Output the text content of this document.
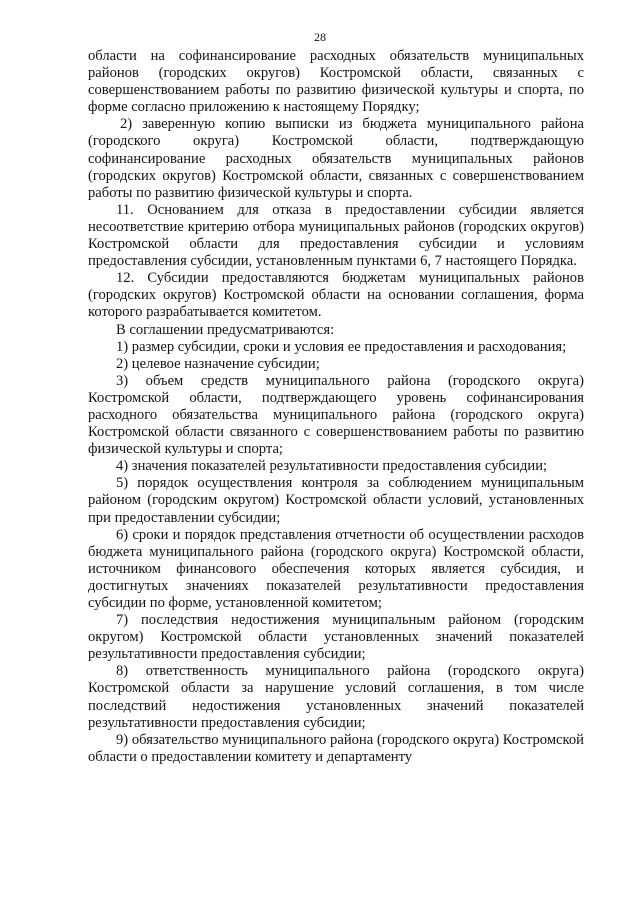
28

области на софинансирование расходных обязательств муниципальных районов (городских округов) Костромской области, связанных с совершенствованием работы по развитию физической культуры и спорта, по форме согласно приложению к настоящему Порядку;

2) заверенную копию выписки из бюджета муниципального района (городского округа) Костромской области, подтверждающую софинансирование расходных обязательств муниципальных районов (городских округов) Костромской области, связанных с совершенствованием работы по развитию физической культуры и спорта.

11. Основанием для отказа в предоставлении субсидии является несоответствие критерию отбора муниципальных районов (городских округов) Костромской области для предоставления субсидии и условиям предоставления субсидии, установленным пунктами 6, 7 настоящего Порядка.

12. Субсидии предоставляются бюджетам муниципальных районов (городских округов) Костромской области на основании соглашения, форма которого разрабатывается комитетом.

В соглашении предусматриваются:

1) размер субсидии, сроки и условия ее предоставления и расходования;

2) целевое назначение субсидии;

3) объем средств муниципального района (городского округа) Костромской области, подтверждающего уровень софинансирования расходного обязательства муниципального района (городского округа) Костромской области связанного с совершенствованием работы по развитию физической культуры и спорта;

4) значения показателей результативности предоставления субсидии;

5) порядок осуществления контроля за соблюдением муниципальным районом (городским округом) Костромской области условий, установленных при предоставлении субсидии;

6) сроки и порядок представления отчетности об осуществлении расходов бюджета муниципального района (городского округа) Костромской области, источником финансового обеспечения которых является субсидия, и достигнутых значениях показателей результативности предоставления субсидии по форме, установленной комитетом;

7) последствия недостижения муниципальным районом (городским округом) Костромской области установленных значений показателей результативности предоставления субсидии;

8) ответственность муниципального района (городского округа) Костромской области за нарушение условий соглашения, в том числе последствий недостижения установленных значений показателей результативности предоставления субсидии;

9) обязательство муниципального района (городского округа) Костромской области о предоставлении комитету и департаменту
